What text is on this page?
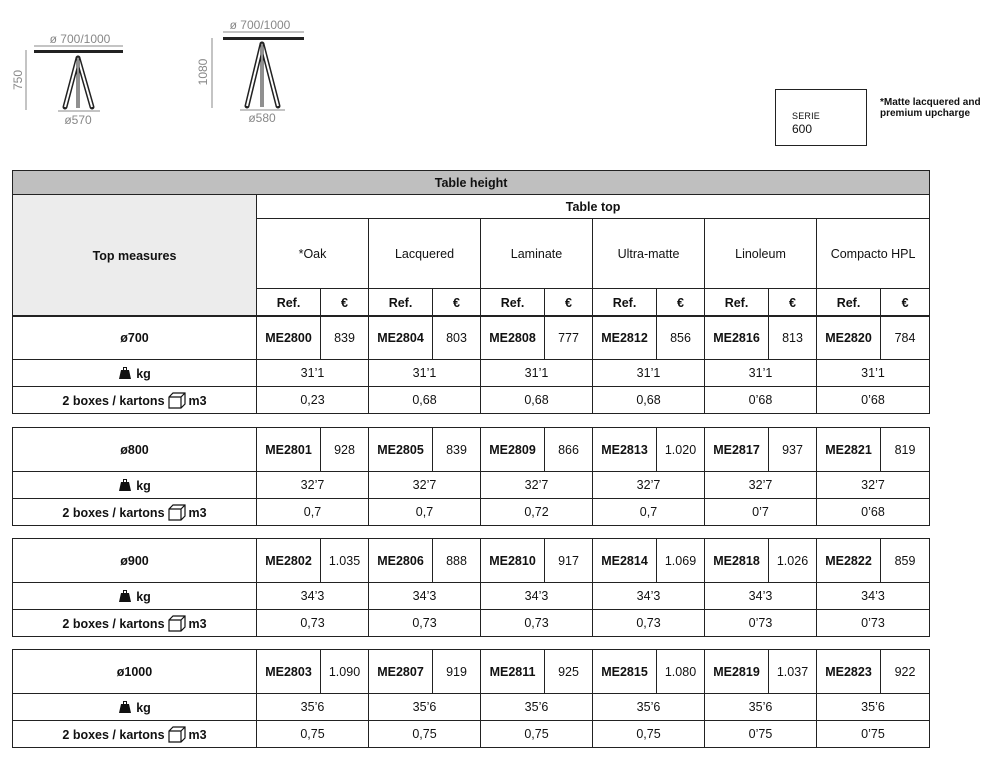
ø 700/1000
ø570
750
ø 700/1000
ø580
1080
SERIE
600
*Matte lacquered and premium upcharge
Table height												
Top measures	Table top											
	*Oak		Lacquered		Laminate		Ultra-matte		Linoleum		Compacto HPL	
	Ref.	€	Ref.	€	Ref.	€	Ref.	€	Ref.	€	Ref.	€
ø700	ME2800	839	ME2804	803	ME2808	777	ME2812	856	ME2816	813	ME2820	784
kg	31’1		31’1		31’1		31’1		31’1		31’1	
2 boxes / kartons m3	0,23		0,68		0,68		0,68		0’68		0’68	
ø800	ME2801	928	ME2805	839	ME2809	866	ME2813	1.020	ME2817	937	ME2821	819
kg	32’7		32’7		32’7		32’7		32’7		32’7	
2 boxes / kartons m3	0,7		0,7		0,72		0,7		0’7		0’68	
ø900	ME2802	1.035	ME2806	888	ME2810	917	ME2814	1.069	ME2818	1.026	ME2822	859
kg	34’3		34’3		34’3		34’3		34’3		34’3	
2 boxes / kartons m3	0,73		0,73		0,73		0,73		0’73		0’73	
ø1000	ME2803	1.090	ME2807	919	ME2811	925	ME2815	1.080	ME2819	1.037	ME2823	922
kg	35’6		35’6		35’6		35’6		35’6		35’6	
2 boxes / kartons m3	0,75		0,75		0,75		0,75		0’75		0’75	
